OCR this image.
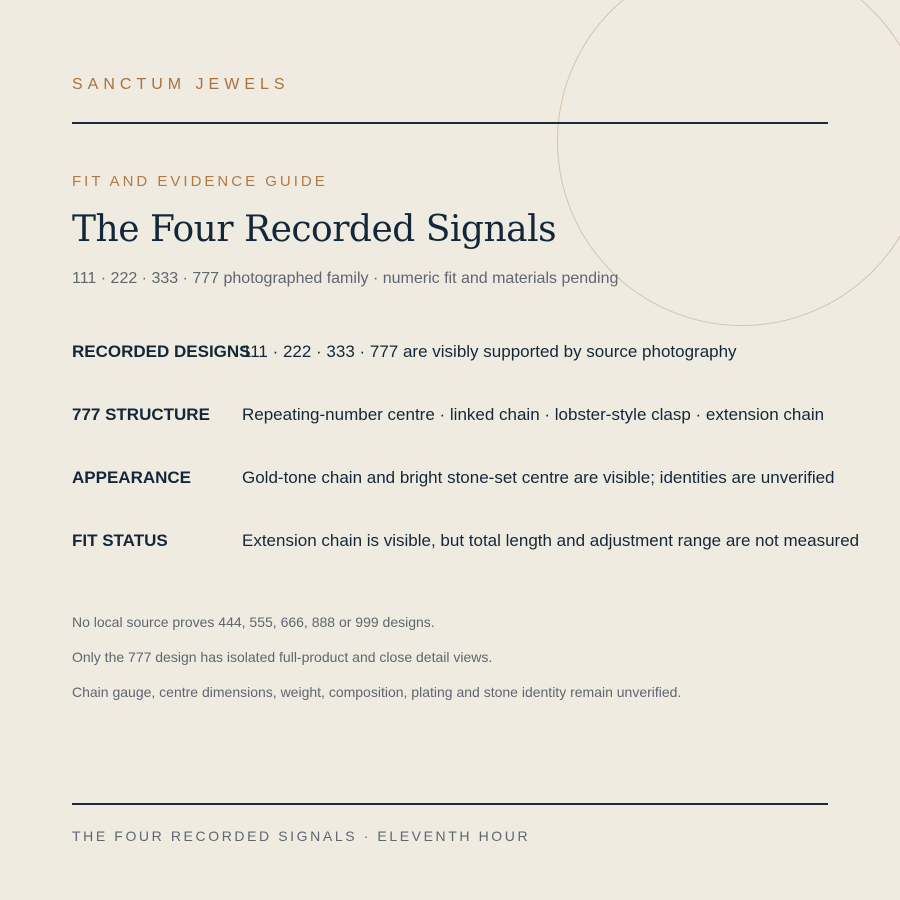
SANCTUM JEWELS
FIT AND EVIDENCE GUIDE
The Four Recorded Signals
111 · 222 · 333 · 777 photographed family · numeric fit and materials pending
RECORDED DESIGNS
111 · 222 · 333 · 777 are visibly supported by source photography
777 STRUCTURE Repeating-number centre · linked chain · lobster-style clasp · extension chain
APPEARANCE	Gold-tone chain and bright stone-set centre are visible; identities are unverified
FIT STATUS	Extension chain is visible, but total length and adjustment range are not measured
No local source proves 444, 555, 666, 888 or 999 designs.
Only the 777 design has isolated full-product and close detail views.
Chain gauge, centre dimensions, weight, composition, plating and stone identity remain unverified.
THE FOUR RECORDED SIGNALS · ELEVENTH HOUR
